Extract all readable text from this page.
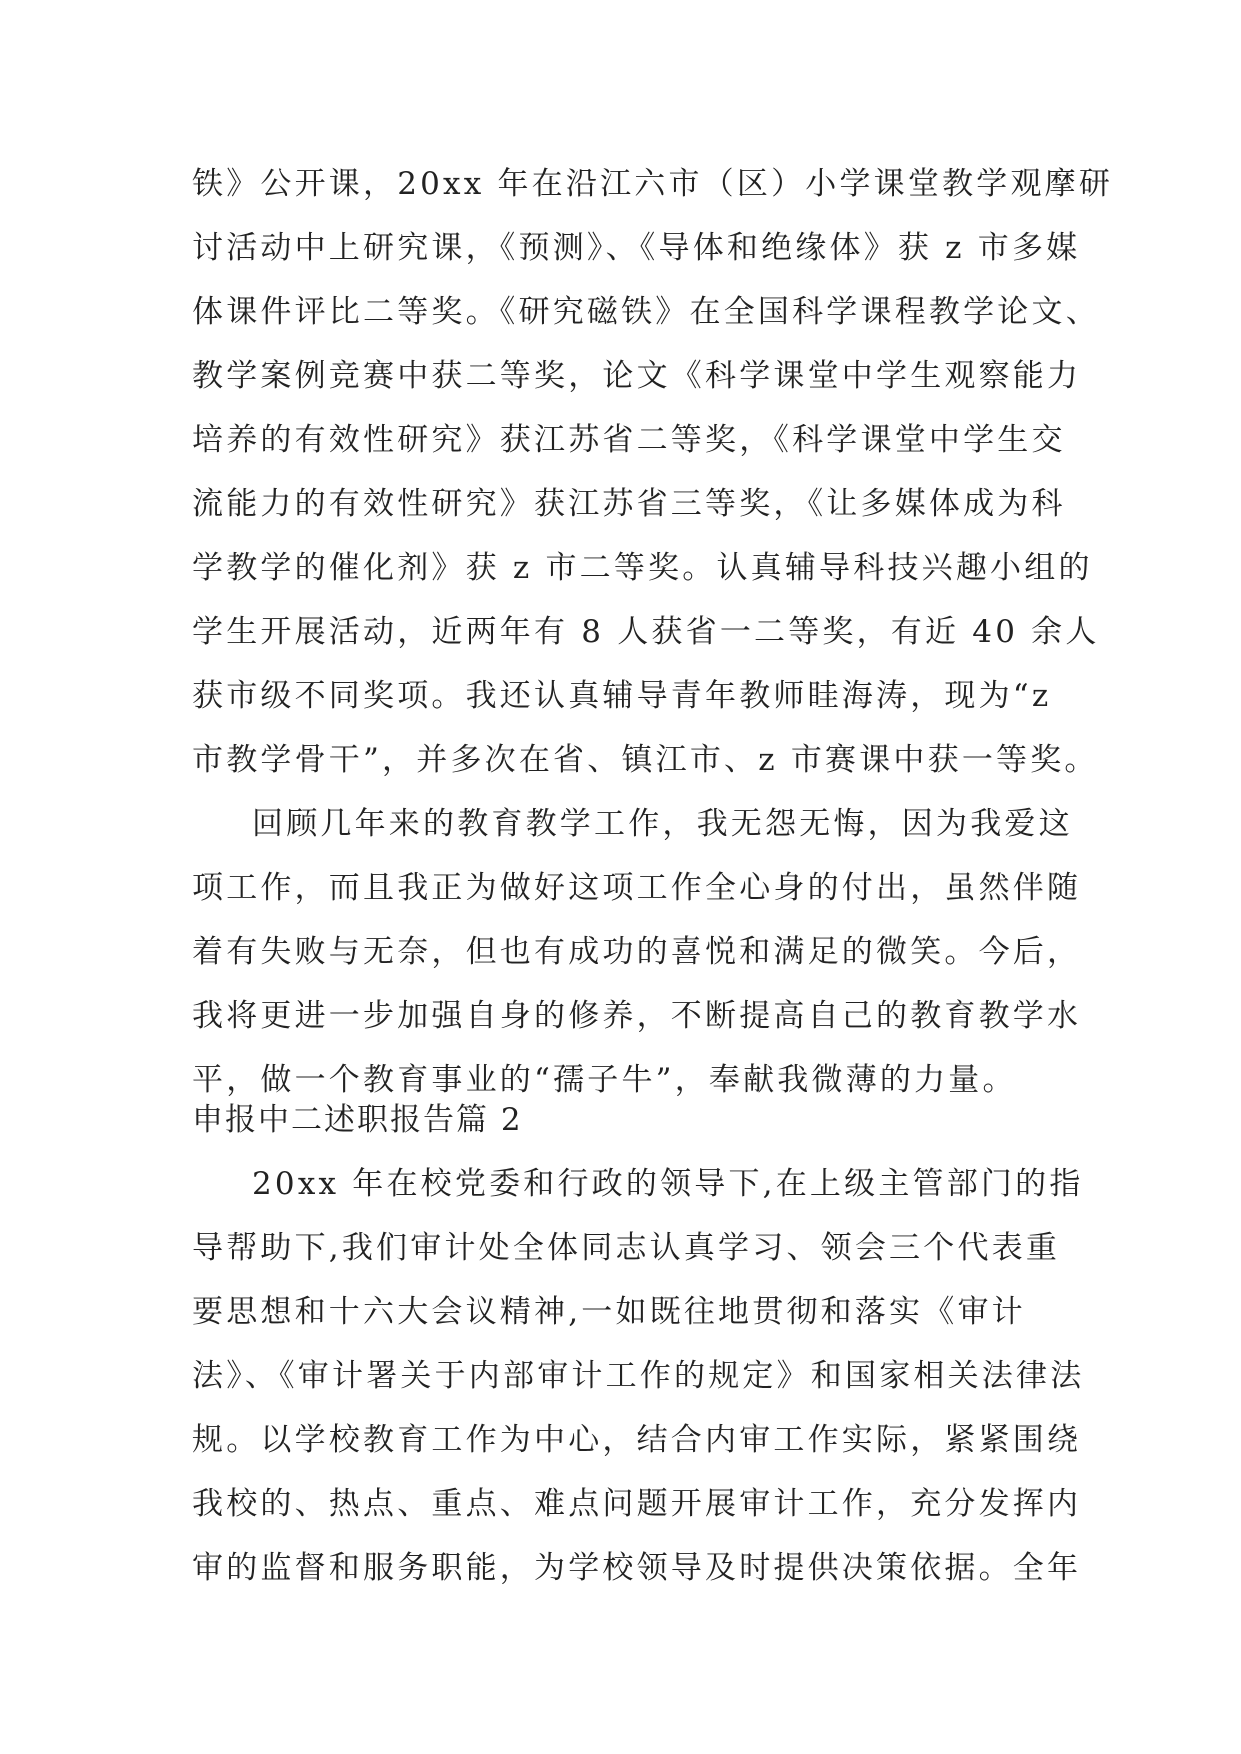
铁》公开课，20xx 年在沿江六市（区）小学课堂教学观摩研
讨活动中上研究课，《预测》、《导体和绝缘体》获 z 市多媒
体课件评比二等奖。《研究磁铁》在全国科学课程教学论文、
教学案例竞赛中获二等奖，论文《科学课堂中学生观察能力
培养的有效性研究》获江苏省二等奖，《科学课堂中学生交
流能力的有效性研究》获江苏省三等奖，《让多媒体成为科
学教学的催化剂》获 z 市二等奖。认真辅导科技兴趣小组的
学生开展活动，近两年有 8 人获省一二等奖，有近 40 余人
获市级不同奖项。我还认真辅导青年教师眭海涛，现为“z
市教学骨干”，并多次在省、镇江市、z 市赛课中获一等奖。
回顾几年来的教育教学工作，我无怨无悔，因为我爱这
项工作，而且我正为做好这项工作全心身的付出，虽然伴随
着有失败与无奈，但也有成功的喜悦和满足的微笑。今后，
我将更进一步加强自身的修养，不断提高自己的教育教学水
平，做一个教育事业的“孺子牛”，奉献我微薄的力量。
申报中二述职报告篇 2
20xx 年在校党委和行政的领导下,在上级主管部门的指
导帮助下,我们审计处全体同志认真学习、领会三个代表重
要思想和十六大会议精神,一如既往地贯彻和落实《审计
法》、《审计署关于内部审计工作的规定》和国家相关法律法
规。以学校教育工作为中心，结合内审工作实际，紧紧围绕
我校的、热点、重点、难点问题开展审计工作，充分发挥内
审的监督和服务职能，为学校领导及时提供决策依据。全年
